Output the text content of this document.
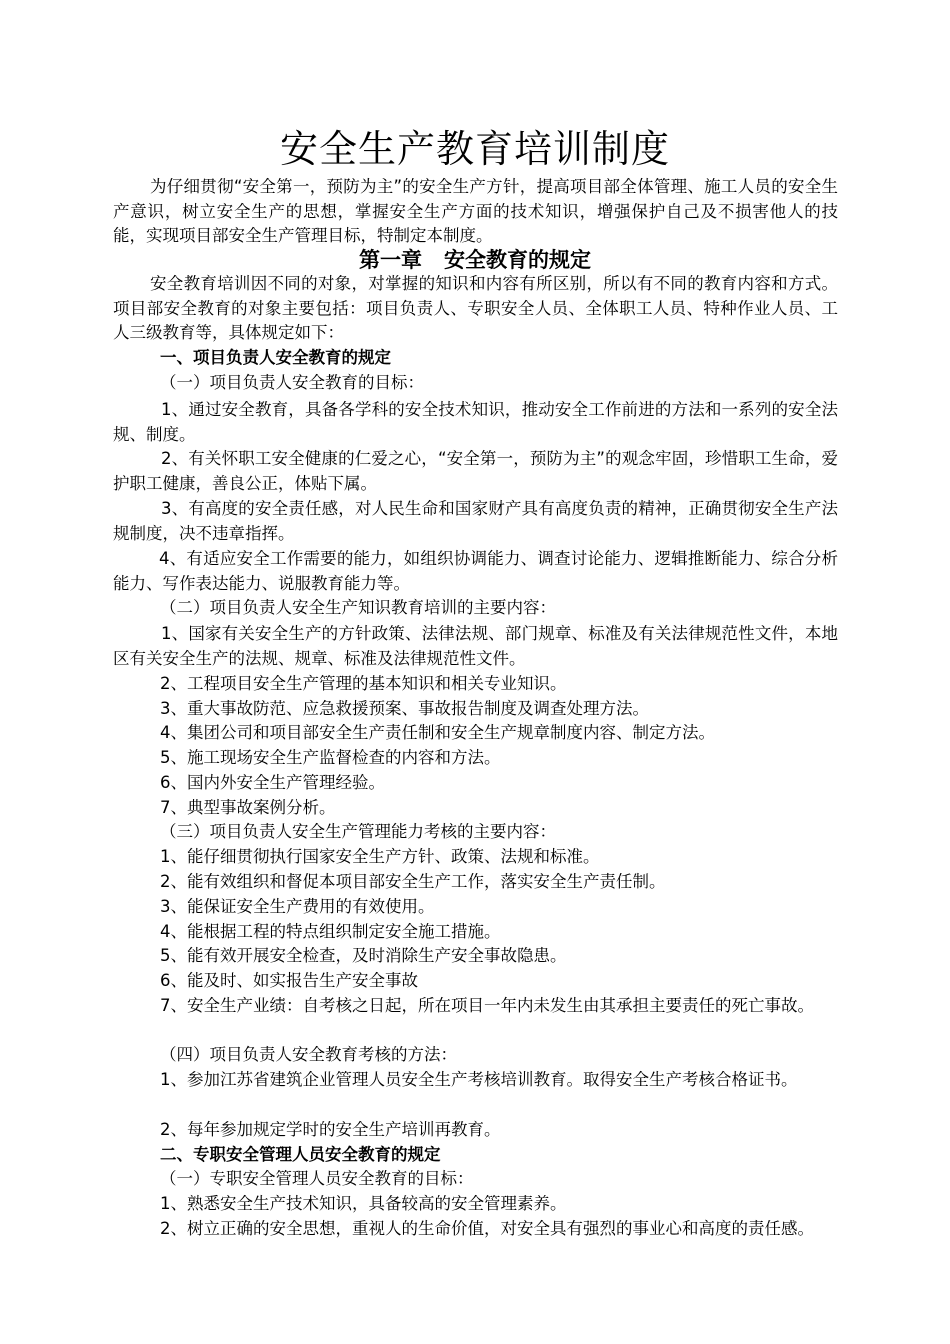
安全生产教育培训制度
为仔细贯彻“安全第一，预防为主”的安全生产方针，提高项目部全体管理、施工人员的安全生产意识，树立安全生产的思想，掌握安全生产方面的技术知识，增强保护自己及不损害他人的技能，实现项目部安全生产管理目标，特制定本制度。
第一章 安全教育的规定
安全教育培训因不同的对象，对掌握的知识和内容有所区别，所以有不同的教育内容和方式。项目部安全教育的对象主要包括：项目负责人、专职安全人员、全体职工人员、特种作业人员、工人三级教育等，具体规定如下：
一、项目负责人安全教育的规定
（一）项目负责人安全教育的目标：
1、通过安全教育，具备各学科的安全技术知识，推动安全工作前进的方法和一系列的安全法规、制度。
2、有关怀职工安全健康的仁爱之心，“安全第一，预防为主”的观念牢固，珍惜职工生命，爱护职工健康，善良公正，体贴下属。
3、有高度的安全责任感，对人民生命和国家财产具有高度负责的精神，正确贯彻安全生产法规制度，决不违章指挥。
4、有适应安全工作需要的能力，如组织协调能力、调查讨论能力、逻辑推断能力、综合分析能力、写作表达能力、说服教育能力等。
（二）项目负责人安全生产知识教育培训的主要内容：
1、国家有关安全生产的方针政策、法律法规、部门规章、标准及有关法律规范性文件，本地区有关安全生产的法规、规章、标准及法律规范性文件。
2、工程项目安全生产管理的基本知识和相关专业知识。
3、重大事故防范、应急救援预案、事故报告制度及调查处理方法。
4、集团公司和项目部安全生产责任制和安全生产规章制度内容、制定方法。
5、施工现场安全生产监督检查的内容和方法。
6、国内外安全生产管理经验。
7、典型事故案例分析。
（三）项目负责人安全生产管理能力考核的主要内容：
1、能仔细贯彻执行国家安全生产方针、政策、法规和标准。
2、能有效组织和督促本项目部安全生产工作，落实安全生产责任制。
3、能保证安全生产费用的有效使用。
4、能根据工程的特点组织制定安全施工措施。
5、能有效开展安全检查，及时消除生产安全事故隐患。
6、能及时、如实报告生产安全事故
7、安全生产业绩：自考核之日起，所在项目一年内未发生由其承担主要责任的死亡事故。
（四）项目负责人安全教育考核的方法：
1、参加江苏省建筑企业管理人员安全生产考核培训教育。取得安全生产考核合格证书。
2、每年参加规定学时的安全生产培训再教育。
二、专职安全管理人员安全教育的规定
（一）专职安全管理人员安全教育的目标：
1、熟悉安全生产技术知识，具备较高的安全管理素养。
2、树立正确的安全思想，重视人的生命价值，对安全具有强烈的事业心和高度的责任感。
